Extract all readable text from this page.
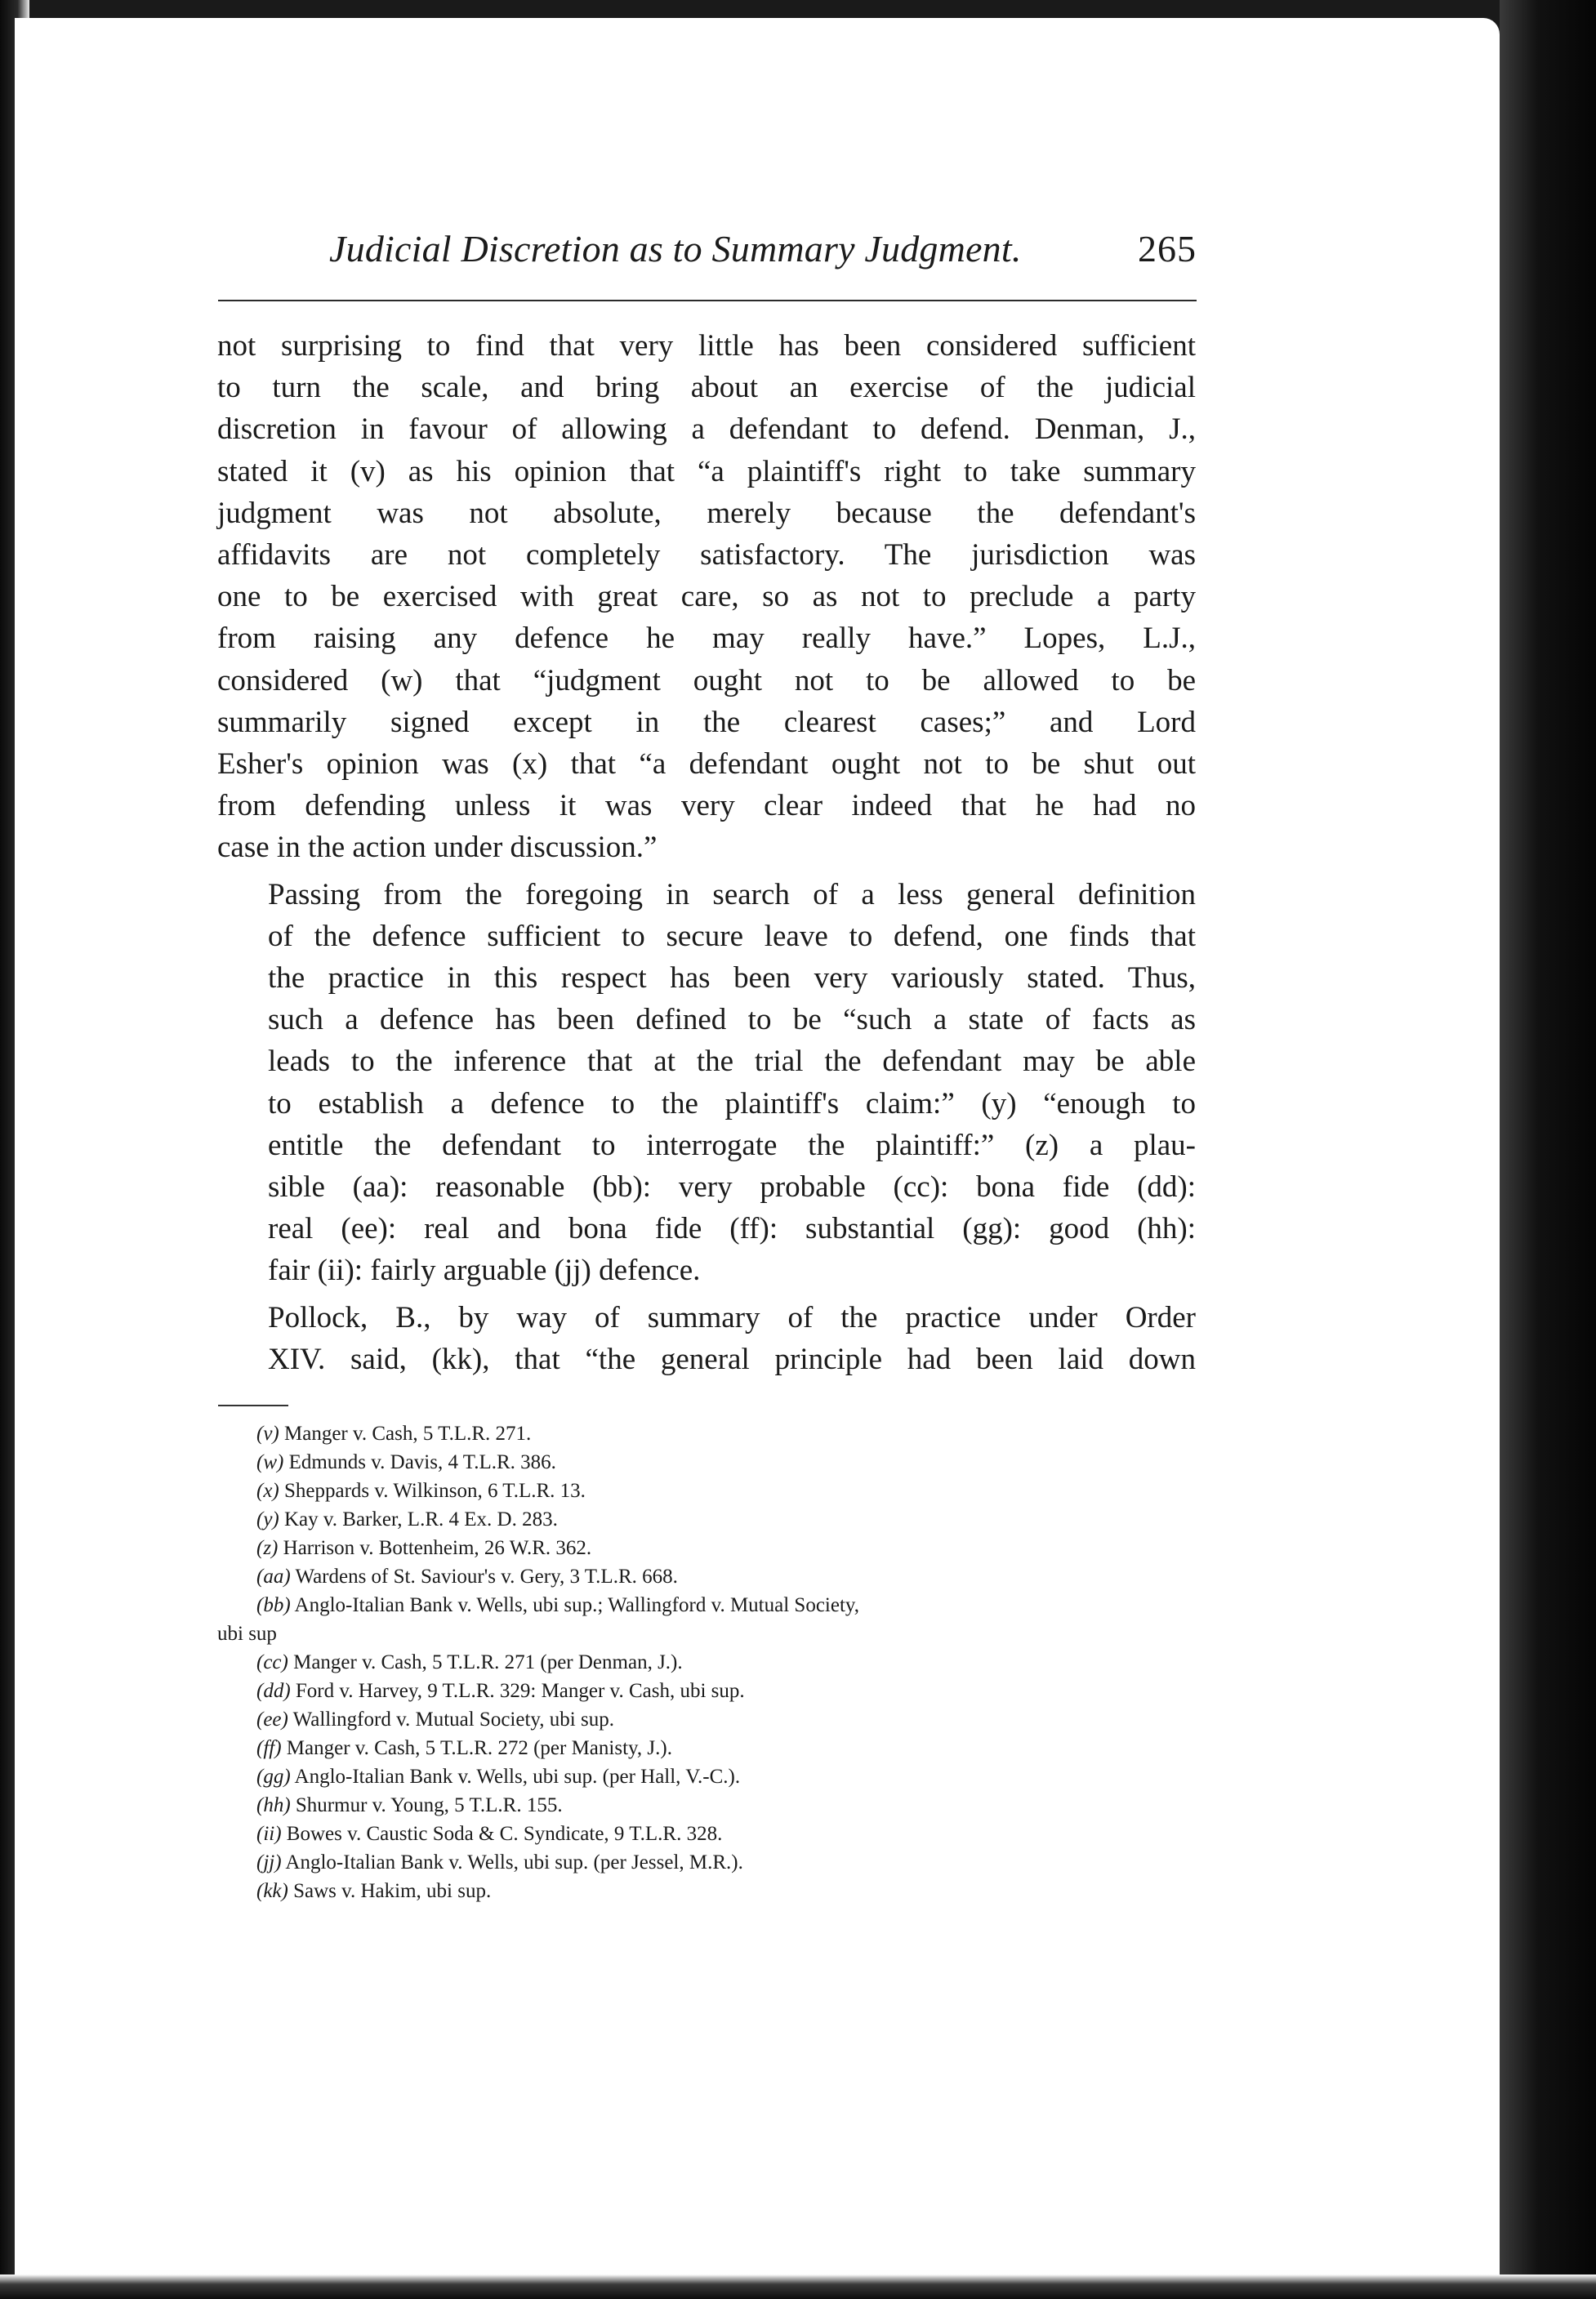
Judicial Discretion as to Summary Judgment.	265
not surprising to find that very little has been considered sufficient
to turn the scale, and bring about an exercise of the judicial
discretion in favour of allowing a defendant to defend. Denman, J.,
stated it (v) as his opinion that “a plaintiff's right to take summary
judgment was not absolute, merely because the defendant's
affidavits are not completely satisfactory. The jurisdiction was
one to be exercised with great care, so as not to preclude a party
from raising any defence he may really have.” Lopes, L.J.,
considered (w) that “judgment ought not to be allowed to be
summarily signed except in the clearest cases;” and Lord
Esher's opinion was (x) that “a defendant ought not to be shut out
from defending unless it was very clear indeed that he had no
case in the action under discussion.”
Passing from the foregoing in search of a less general definition
of the defence sufficient to secure leave to defend, one finds that
the practice in this respect has been very variously stated. Thus,
such a defence has been defined to be “such a state of facts as
leads to the inference that at the trial the defendant may be able
to establish a defence to the plaintiff's claim:” (y) “enough to
entitle the defendant to interrogate the plaintiff:” (z) a plau-
sible (aa): reasonable (bb): very probable (cc): bona fide (dd):
real (ee): real and bona fide (ff): substantial (gg): good (hh):
fair (ii): fairly arguable (jj) defence.
Pollock, B., by way of summary of the practice under Order
XIV. said, (kk), that “the general principle had been laid down
(v) Manger v. Cash, 5 T.L.R. 271.
(w) Edmunds v. Davis, 4 T.L.R. 386.
(x) Sheppards v. Wilkinson, 6 T.L.R. 13.
(y) Kay v. Barker, L.R. 4 Ex. D. 283.
(z) Harrison v. Bottenheim, 26 W.R. 362.
(aa) Wardens of St. Saviour's v. Gery, 3 T.L.R. 668.
(bb) Anglo-Italian Bank v. Wells, ubi sup.; Wallingford v. Mutual Society,
ubi sup
(cc) Manger v. Cash, 5 T.L.R. 271 (per Denman, J.).
(dd) Ford v. Harvey, 9 T.L.R. 329: Manger v. Cash, ubi sup.
(ee) Wallingford v. Mutual Society, ubi sup.
(ff) Manger v. Cash, 5 T.L.R. 272 (per Manisty, J.).
(gg) Anglo-Italian Bank v. Wells, ubi sup. (per Hall, V.-C.).
(hh) Shurmur v. Young, 5 T.L.R. 155.
(ii) Bowes v. Caustic Soda & C. Syndicate, 9 T.L.R. 328.
(jj) Anglo-Italian Bank v. Wells, ubi sup. (per Jessel, M.R.).
(kk) Saws v. Hakim, ubi sup.
